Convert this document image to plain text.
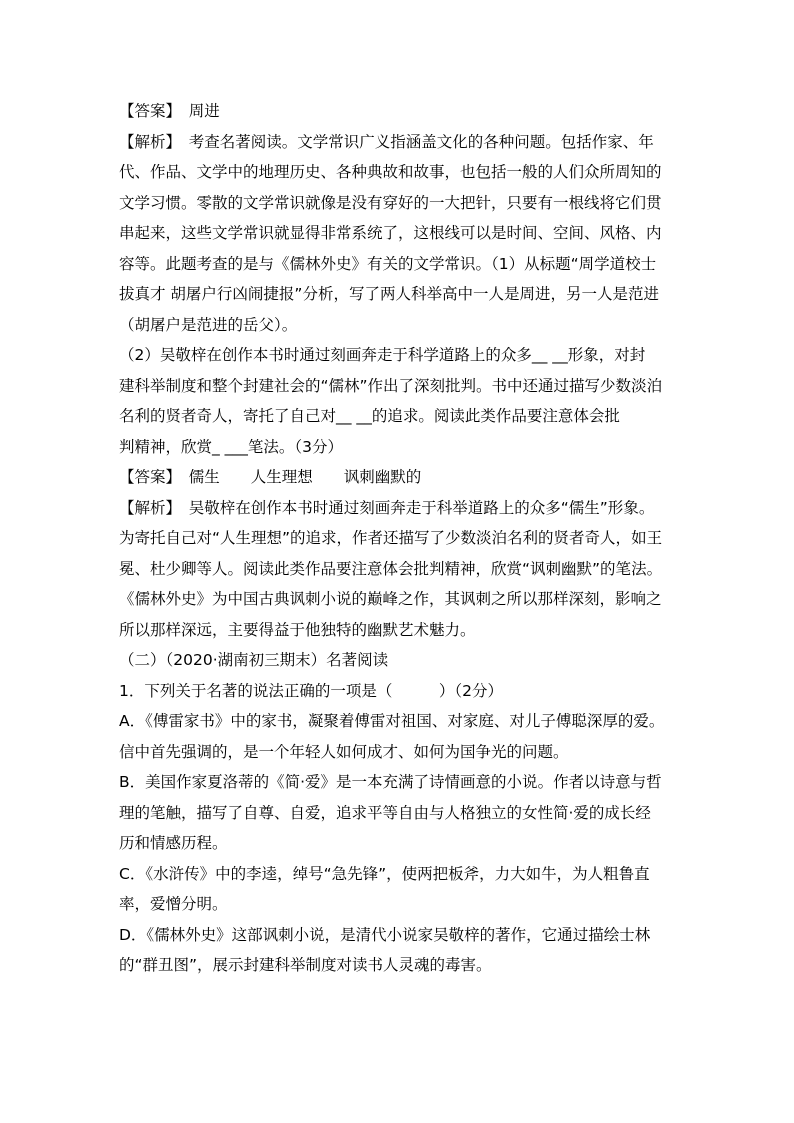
【答案】　周进
【解析】　考查名著阅读。文学常识广义指涵盖文化的各种问题。包括作家、年
代、作品、文学中的地理历史、各种典故和故事，也包括一般的人们众所周知的
文学习惯。零散的文学常识就像是没有穿好的一大把针，只要有一根线将它们贯
串起来，这些文学常识就显得非常系统了，这根线可以是时间、空间、风格、内
容等。此题考查的是与《儒林外史》有关的文学常识。（1）从标题“周学道校士
拔真才 胡屠户行凶闹捷报”分析，写了两人科举高中一人是周进，另一人是范进
（胡屠户是范进的岳父）。
（2）吴敬梓在创作本书时通过刻画奔走于科学道路上的众多__ __形象，对封
建科举制度和整个封建社会的“儒林”作出了深刻批判。书中还通过描写少数淡泊
名利的贤者奇人，寄托了自己对__ __的追求。阅读此类作品要注意体会批
判精神，欣赏_ ___笔法。（3分）
【答案】　儒生　　人生理想　　讽刺幽默的
【解析】　吴敬梓在创作本书时通过刻画奔走于科举道路上的众多“儒生”形象。
为寄托自己对“人生理想”的追求，作者还描写了少数淡泊名利的贤者奇人，如王
冕、杜少卿等人。阅读此类作品要注意体会批判精神，欣赏“讽刺幽默”的笔法。
《儒林外史》为中国古典讽刺小说的巅峰之作，其讽刺之所以那样深刻，影响之
所以那样深远，主要得益于他独特的幽默艺术魅力。
（二）（2020·湖南初三期末）名著阅读
1．下列关于名著的说法正确的一项是（　　　）（2分）
A．《傅雷家书》中的家书，凝聚着傅雷对祖国、对家庭、对儿子傅聪深厚的爱。
信中首先强调的，是一个年轻人如何成才、如何为国争光的问题。
B．美国作家夏洛蒂的《简·爱》是一本充满了诗情画意的小说。作者以诗意与哲
理的笔触，描写了自尊、自爱，追求平等自由与人格独立的女性简·爱的成长经
历和情感历程。
C．《水浒传》中的李逵，绰号“急先锋”，使两把板斧，力大如牛，为人粗鲁直
率，爱憎分明。
D．《儒林外史》这部讽刺小说，是清代小说家吴敬梓的著作，它通过描绘士林
的“群丑图”，展示封建科举制度对读书人灵魂的毒害。
